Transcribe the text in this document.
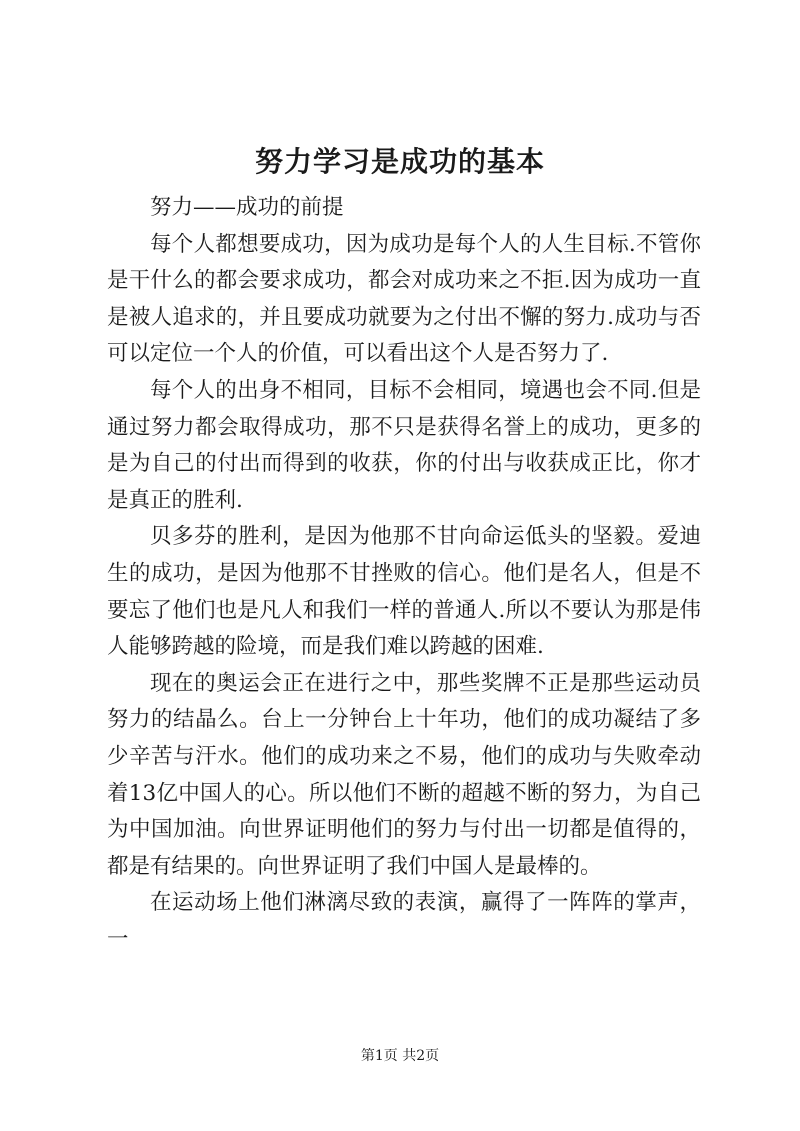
努力学习是成功的基本

努力——成功的前提

每个人都想要成功，因为成功是每个人的人生目标.不管你是干什么的都会要求成功，都会对成功来之不拒.因为成功一直是被人追求的，并且要成功就要为之付出不懈的努力.成功与否可以定位一个人的价值，可以看出这个人是否努力了.

每个人的出身不相同，目标不会相同，境遇也会不同.但是通过努力都会取得成功，那不只是获得名誉上的成功，更多的是为自己的付出而得到的收获，你的付出与收获成正比，你才是真正的胜利.

贝多芬的胜利，是因为他那不甘向命运低头的坚毅。爱迪生的成功，是因为他那不甘挫败的信心。他们是名人，但是不要忘了他们也是凡人和我们一样的普通人.所以不要认为那是伟人能够跨越的险境，而是我们难以跨越的困难.

现在的奥运会正在进行之中，那些奖牌不正是那些运动员努力的结晶么。台上一分钟台上十年功，他们的成功凝结了多少辛苦与汗水。他们的成功来之不易，他们的成功与失败牵动着13亿中国人的心。所以他们不断的超越不断的努力，为自己为中国加油。向世界证明他们的努力与付出一切都是值得的，都是有结果的。向世界证明了我们中国人是最棒的。

在运动场上他们淋漓尽致的表演，赢得了一阵阵的掌声，一

第1页 共2页
